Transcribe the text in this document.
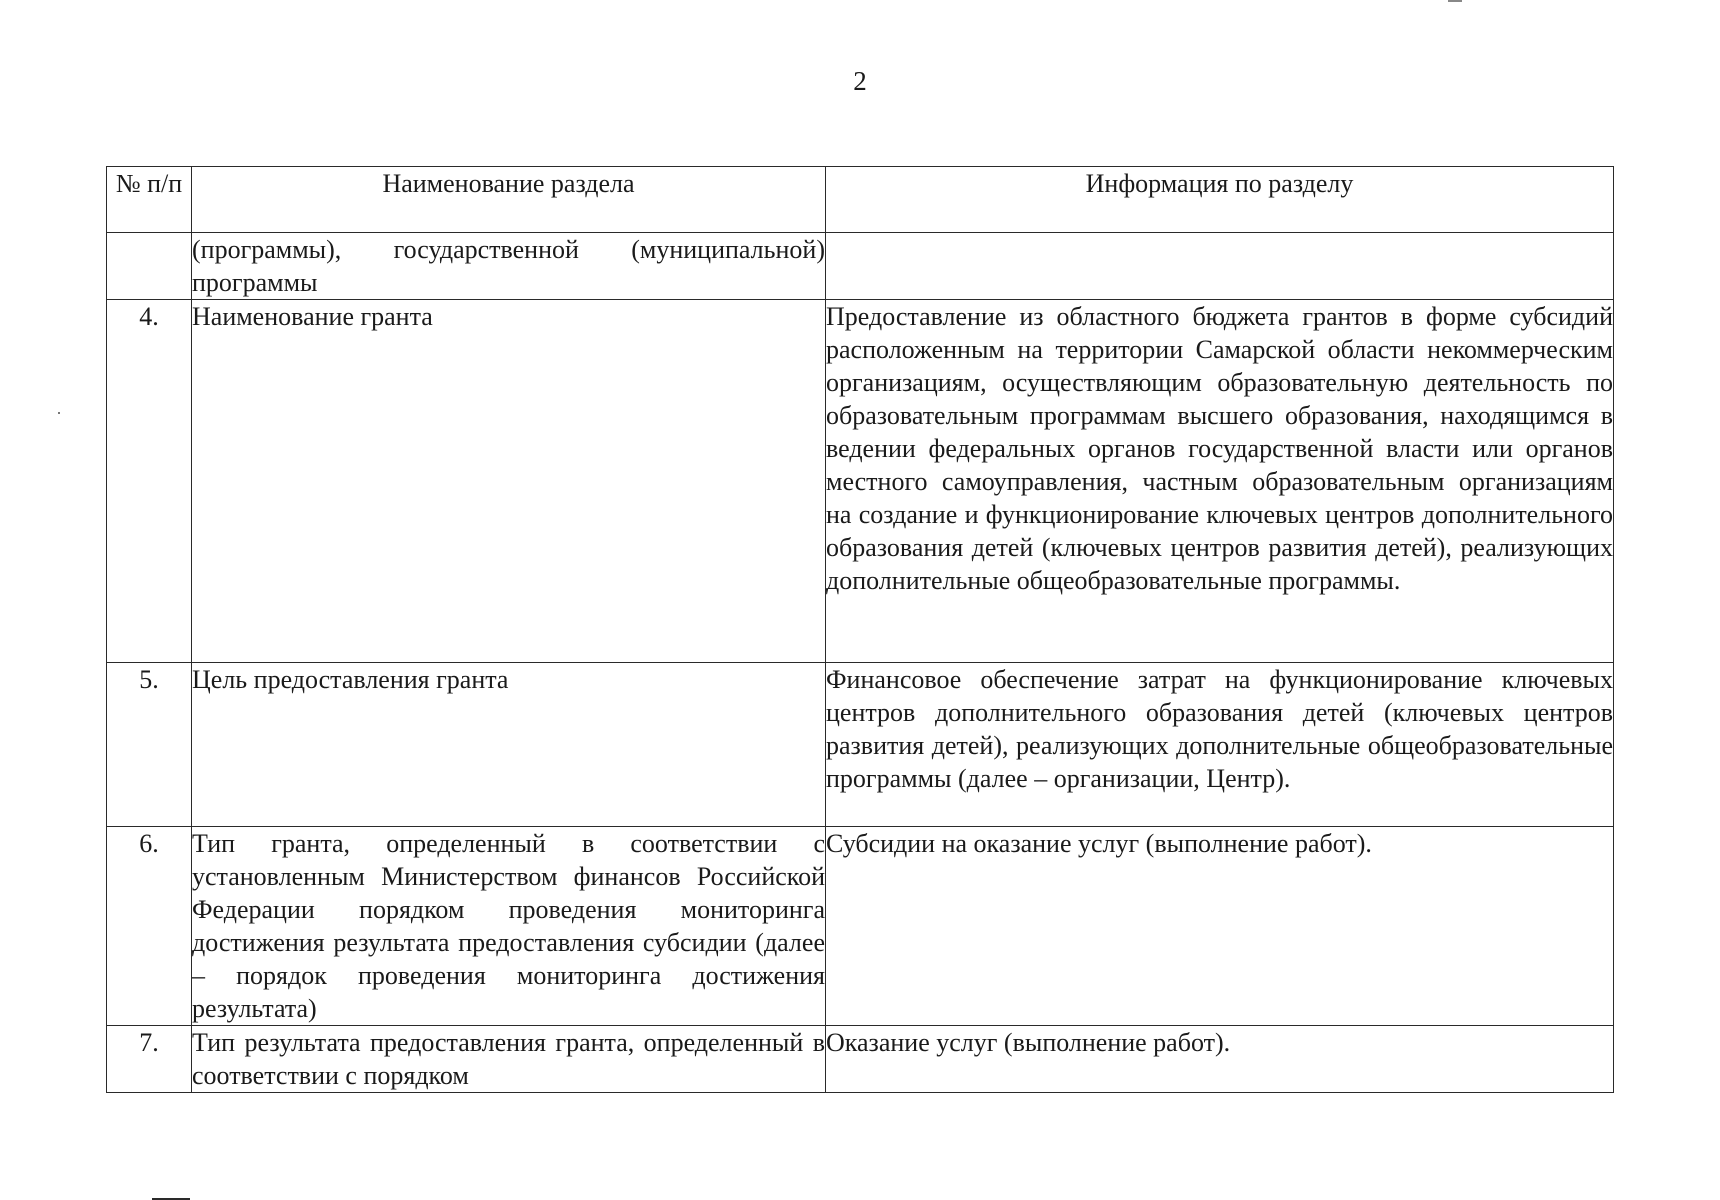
2
№ п/п	Наименование раздела	Информация по разделу
	(программы), государственной (муниципальной) программы	
4.	Наименование гранта	Предоставление из областного бюджета грантов в форме субсидий расположенным на территории Самарской области некоммерческим организациям, осуществляющим образовательную деятельность по образовательным программам высшего образования, находящимся в ведении федеральных органов государственной власти или органов местного самоуправления, частным образовательным организациям на создание и функционирование ключевых центров дополнительного образования детей (ключевых центров развития детей), реализующих дополнительные общеобразовательные программы.
5.	Цель предоставления гранта	Финансовое обеспечение затрат на функционирование ключевых центров дополнительного образования детей (ключевых центров развития детей), реализующих дополнительные общеобразовательные программы (далее – организации, Центр).
6.	Тип гранта, определенный в соответствии с установленным Министерством финансов Российской Федерации порядком проведения мониторинга достижения результата предоставления субсидии (далее – порядок проведения мониторинга достижения результата)	Субсидии на оказание услуг (выполнение работ).
7.	Тип результата предоставления гранта, определенный в соответствии с порядком	Оказание услуг (выполнение работ).
